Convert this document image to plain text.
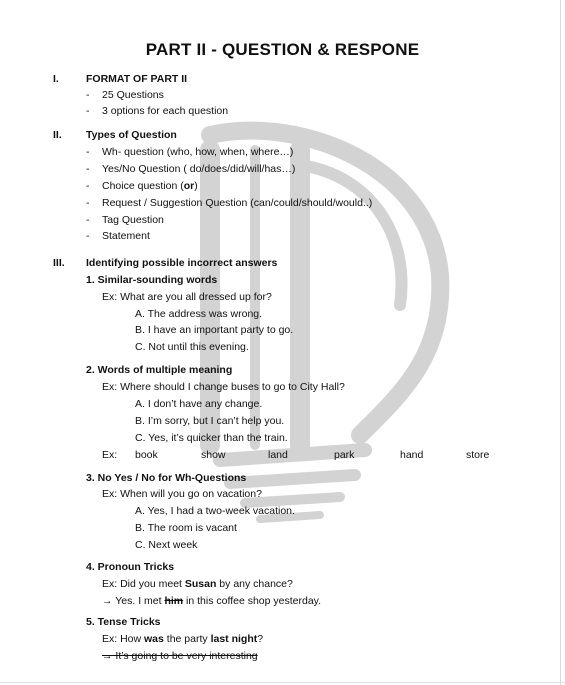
PART II - QUESTION & RESPONE
I.	FORMAT OF PART II
- 25 Questions
- 3 options for each question
II. Types of Question
- Wh- question (who, how, when, where…)
- Yes/No Question ( do/does/did/will/has…)
- Choice question (or)
- Request / Suggestion Question (can/could/should/would..)
- Tag Question
- Statement
III. Identifying possible incorrect answers
1. Similar-sounding words
Ex: What are you all dressed up for?
A. The address was wrong.
B. I have an important party to go.
C. Not until this evening.
2. Words of multiple meaning
Ex: Where should I change buses to go to City Hall?
A. I don’t have any change.
B. I’m sorry, but I can’t help you.
C. Yes, it’s quicker than the train.
Ex: book	show	land	park	hand	store
3. No Yes / No for Wh-Questions
Ex: When will you go on vacation?
A. Yes, I had a two-week vacation.
B. The room is vacant
C. Next week
4. Pronoun Tricks
Ex: Did you meet Susan by any chance?
→ Yes. I met him in this coffee shop yesterday.
5. Tense Tricks
Ex: How was the party last night?
→ It’s going to be very interesting
